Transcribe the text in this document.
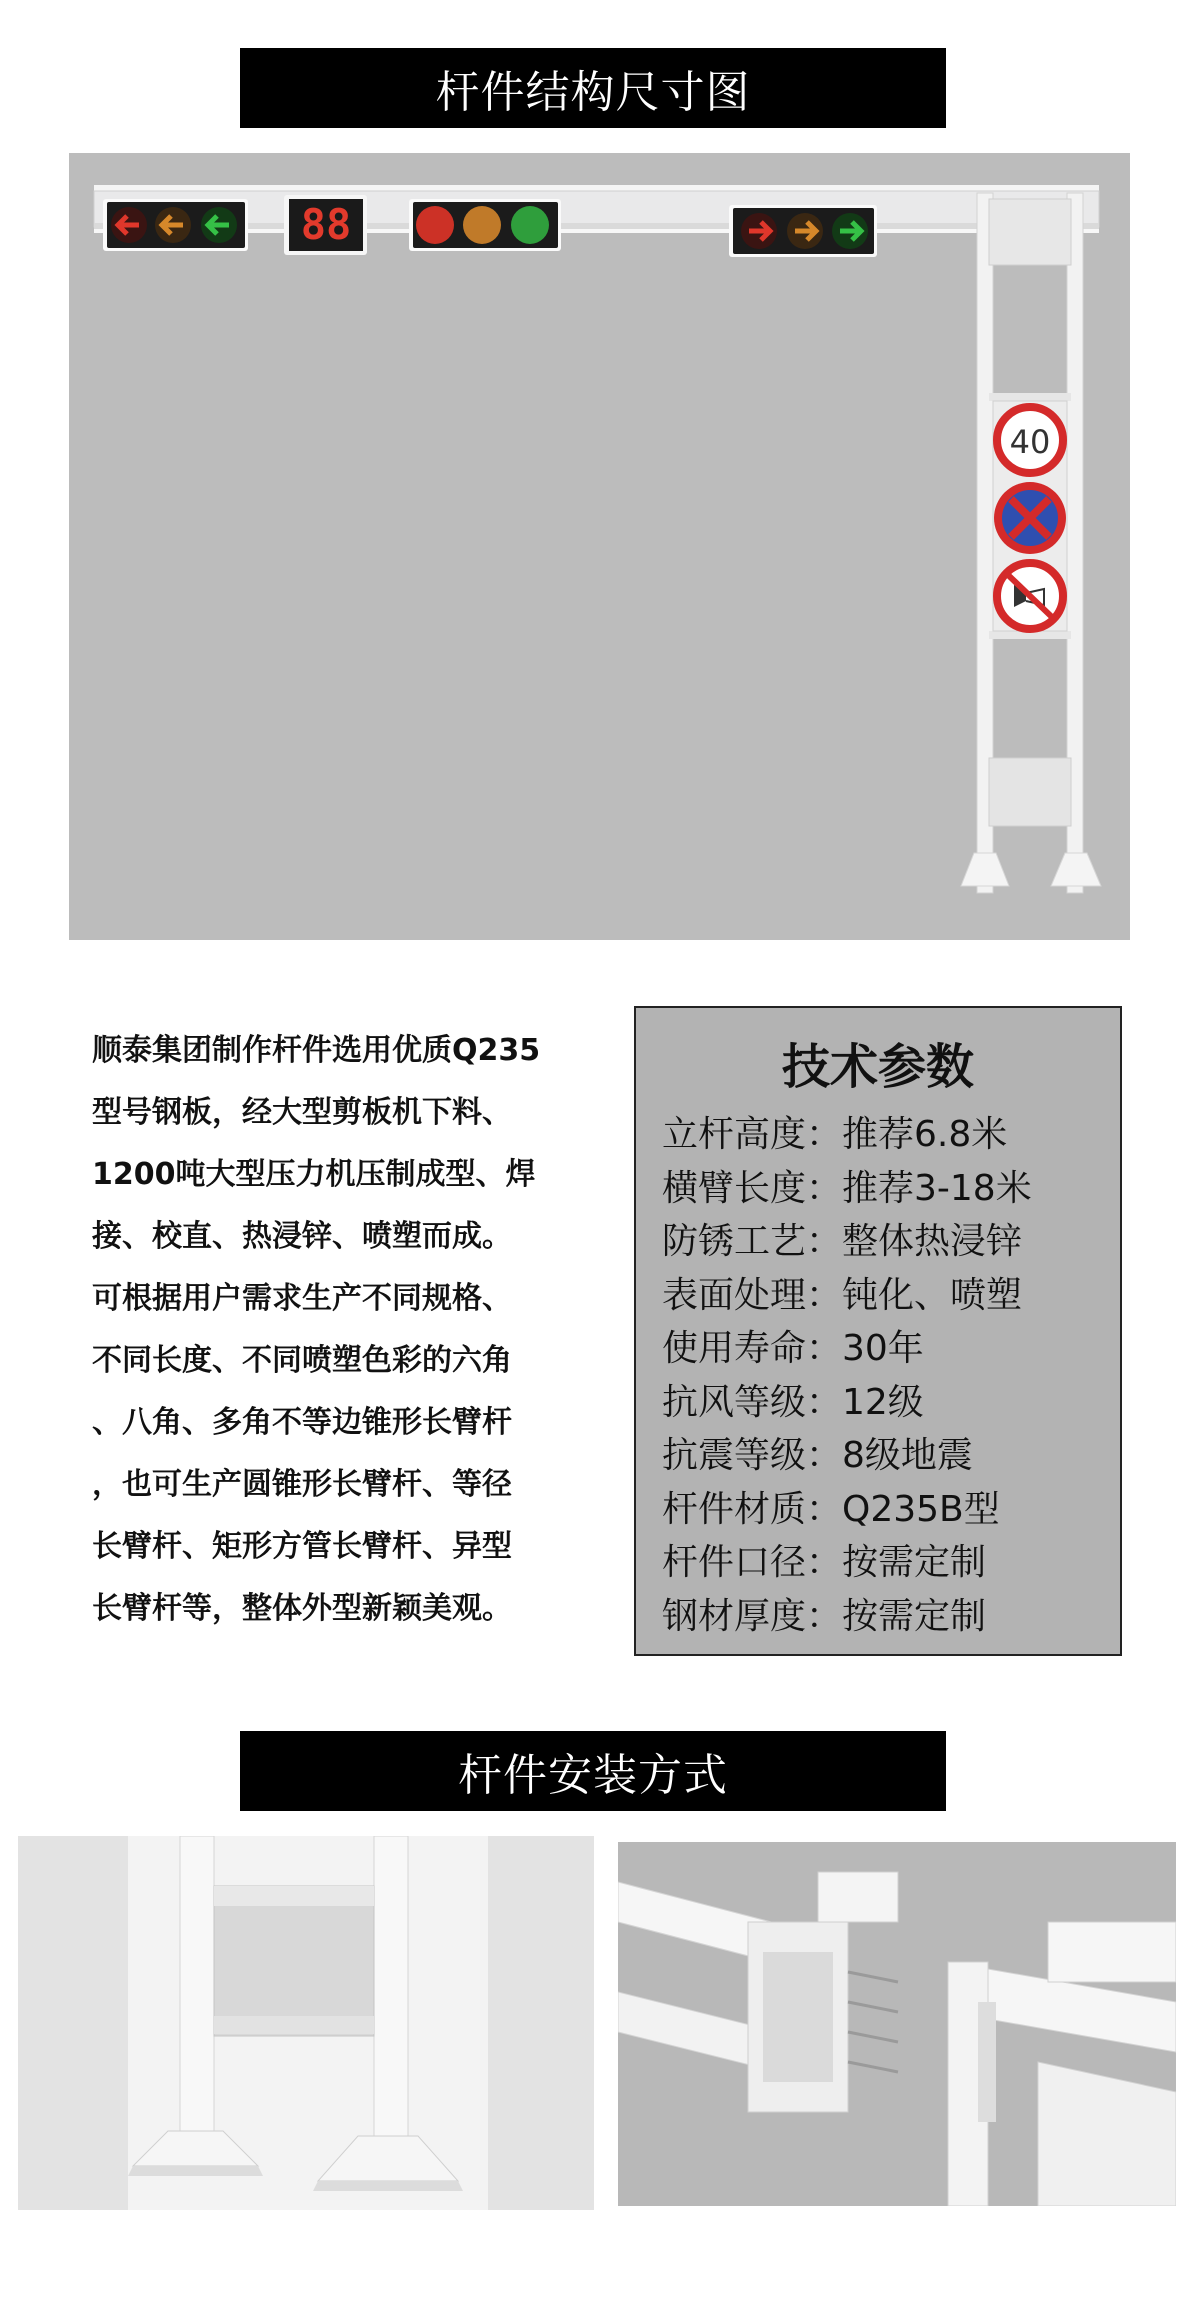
杆件结构尺寸图
88
40

顺泰集团制作杆件选用优质Q235

型号钢板，经大型剪板机下料、

1200吨大型压力机压制成型、焊

接、校直、热浸锌、喷塑而成。

可根据用户需求生产不同规格、

不同长度、不同喷塑色彩的六角

、八角、多角不等边锥形长臂杆

，也可生产圆锥形长臂杆、等径

长臂杆、矩形方管长臂杆、异型

长臂杆等，整体外型新颖美观。

技术参数
立杆高度：推荐6.8米
横臂长度：推荐3-18米
防锈工艺：整体热浸锌
表面处理：钝化、喷塑
使用寿命：30年
抗风等级：12级
抗震等级：8级地震
杆件材质：Q235B型
杆件口径：按需定制
钢材厚度：按需定制
杆件安装方式
